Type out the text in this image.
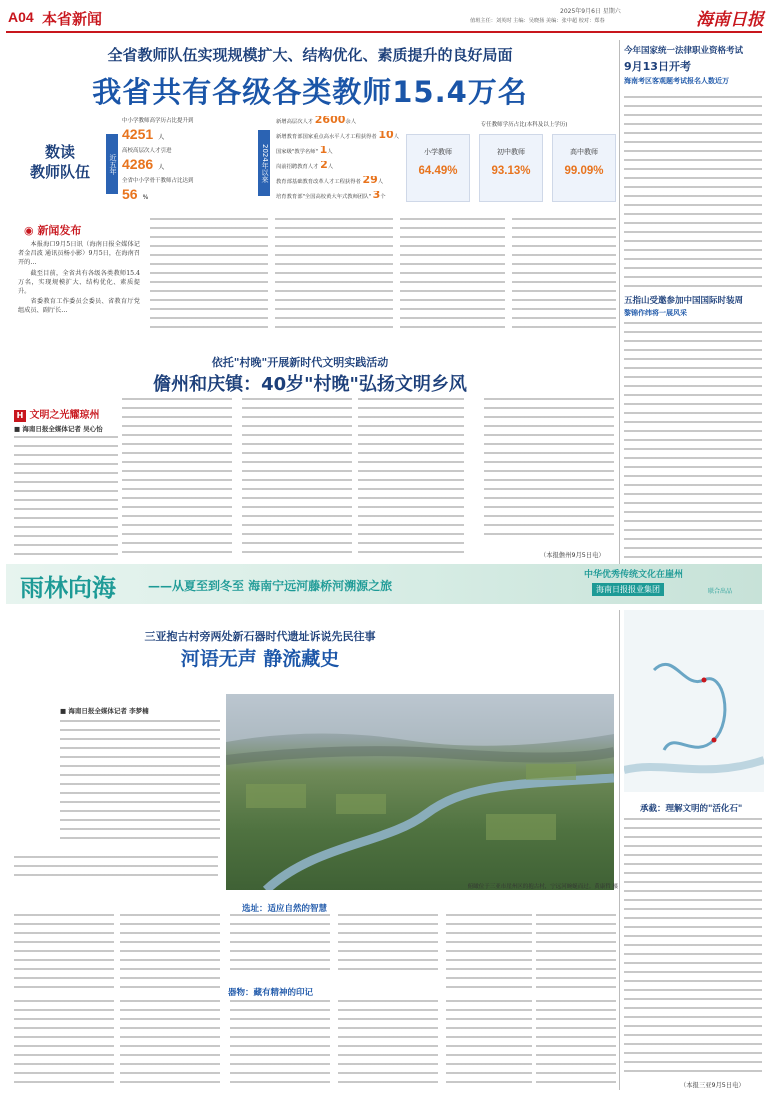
A04 本省新闻	2025年9月6日 星期六
值班主任：刘英时 主编：吴晓扬 美编：张中超 校对：郑春	海南日报
全省教师队伍实现规模扩大、结构优化、素质提升的良好局面
我省共有各级各类教师15.4万名
数读
教师队伍	近五年
中小学教师高学历占比提升到
4251 人
高校高层次人才引进
4286 人
全省中小学骨干教师占比达到
56 %
2024年以来
新增高层次人才 2600余人
新增教育部国家重点高水平人才工程获得者 10人
国家级"教学名师" 1人
岗前招聘教育人才 2人
教育部基础教育改革人才工程获得者 29人
培育教育部"全国高校黄大年式教师团队" 3个
专任教师学历占比(本科及以上学历)
小学教师
64.49%
初中教师
93.13%
高中教师
99.09%
◉ 新闻发布

本报海口9月5日讯（海南日报全媒体记者金昌波 通讯员杨小影）9月5日，在海南召开的…

截至目前，全省共有各级各类教师15.4万名，实现规模扩大、结构优化、素质提升。

省委教育工作委员会委员、省教育厅党组成员、副厅长…

今年国家统一法律职业资格考试
9月13日开考
海南考区客观题考试报名人数近万
五指山受邀参加中国国际时装周
黎锦作纬将一展风采
依托"村晚"开展新时代文明实践活动
儋州和庆镇：40岁"村晚"弘扬文明乡风
H 文明之光耀琼州
■ 海南日报全媒体记者 吴心怡
（本报儋州9月5日电）
雨林向海	——从夏至到冬至 海南宁远河藤桥河溯源之旅
中华优秀传统文化在崖州
海南日报报业集团	联合出品
三亚抱古村旁两处新石器时代遗址诉说先民往事
河语无声 静流藏史
■ 海南日报全媒体记者 李梦楠
俯瞰位于三亚市崖州区的抱古村，宁远河蜿蜒而过。黄康哲 摄
承截：理解文明的"活化石"
（本报三亚9月5日电）
选址：适应自然的智慧
器物：藏有精神的印记
